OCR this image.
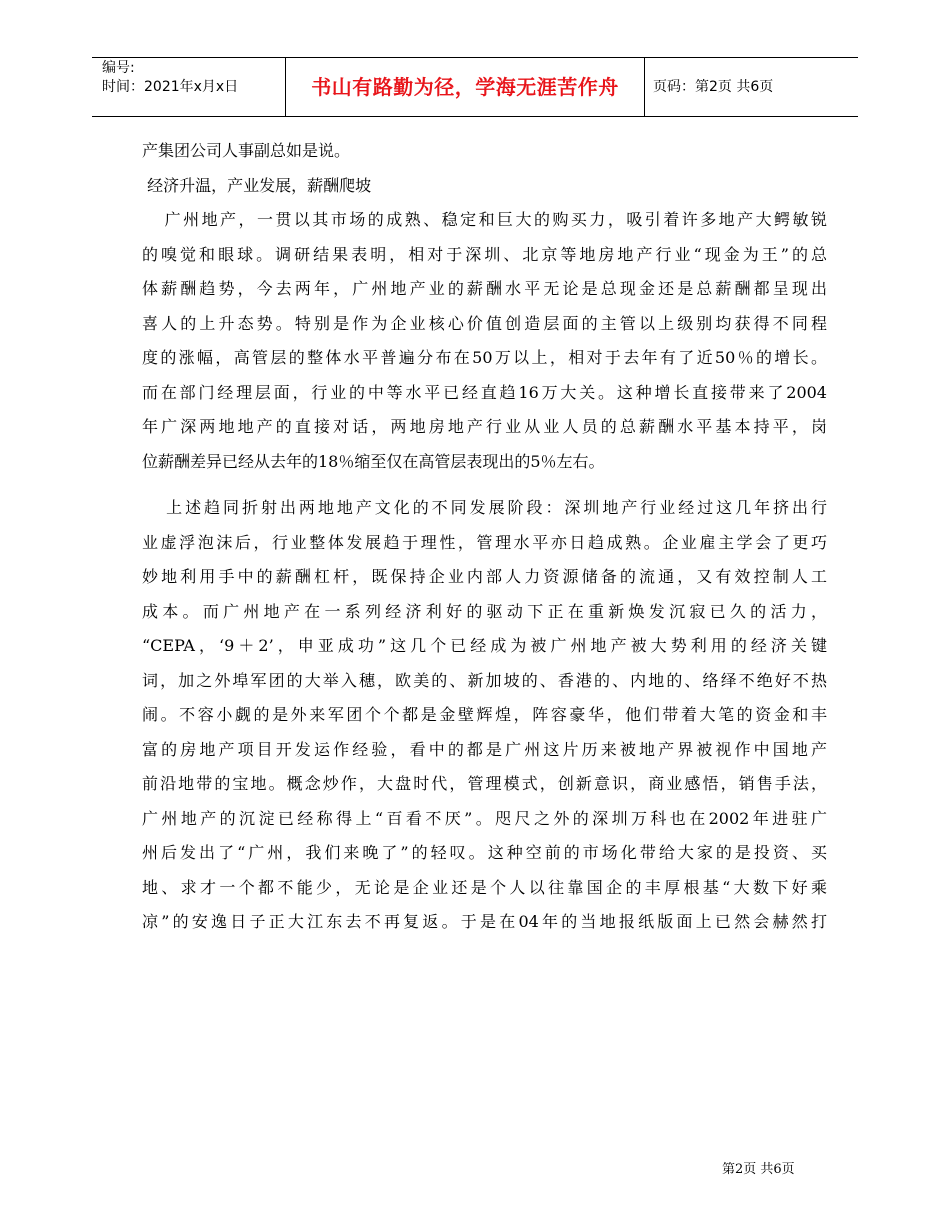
编号:
时间：2021年x月x日	书山有路勤为径，学海无涯苦作舟	页码：第2页 共6页
产集团公司人事副总如是说。
经济升温，产业发展，薪酬爬坡
广州地产，一贯以其市场的成熟、稳定和巨大的购买力，吸引着许多地产大鳄敏锐
的嗅觉和眼球。调研结果表明，相对于深圳、北京等地房地产行业“现金为王”的总
体薪酬趋势，今去两年，广州地产业的薪酬水平无论是总现金还是总薪酬都呈现出
喜人的上升态势。特别是作为企业核心价值创造层面的主管以上级别均获得不同程
度的涨幅，高管层的整体水平普遍分布在50万以上，相对于去年有了近50％的增长。
而在部门经理层面，行业的中等水平已经直趋16万大关。这种增长直接带来了2004
年广深两地地产的直接对话，两地房地产行业从业人员的总薪酬水平基本持平，岗
位薪酬差异已经从去年的18％缩至仅在高管层表现出的5％左右。
上述趋同折射出两地地产文化的不同发展阶段：深圳地产行业经过这几年挤出行
业虚浮泡沫后，行业整体发展趋于理性，管理水平亦日趋成熟。企业雇主学会了更巧
妙地利用手中的薪酬杠杆，既保持企业内部人力资源储备的流通，又有效控制人工
成本。而广州地产在一系列经济利好的驱动下正在重新焕发沉寂已久的活力，
“CEPA，‘9＋2’，申亚成功”这几个已经成为被广州地产被大势利用的经济关键
词，加之外埠军团的大举入穗，欧美的、新加坡的、香港的、内地的、络绎不绝好不热
闹。不容小觑的是外来军团个个都是金壁辉煌，阵容豪华，他们带着大笔的资金和丰
富的房地产项目开发运作经验，看中的都是广州这片历来被地产界被视作中国地产
前沿地带的宝地。概念炒作，大盘时代，管理模式，创新意识，商业感悟，销售手法，
广州地产的沉淀已经称得上“百看不厌”。咫尺之外的深圳万科也在2002年进驻广
州后发出了“广州，我们来晚了”的轻叹。这种空前的市场化带给大家的是投资、买
地、求才一个都不能少，无论是企业还是个人以往靠国企的丰厚根基“大数下好乘
凉”的安逸日子正大江东去不再复返。于是在04年的当地报纸版面上已然会赫然打
第2页 共6页
